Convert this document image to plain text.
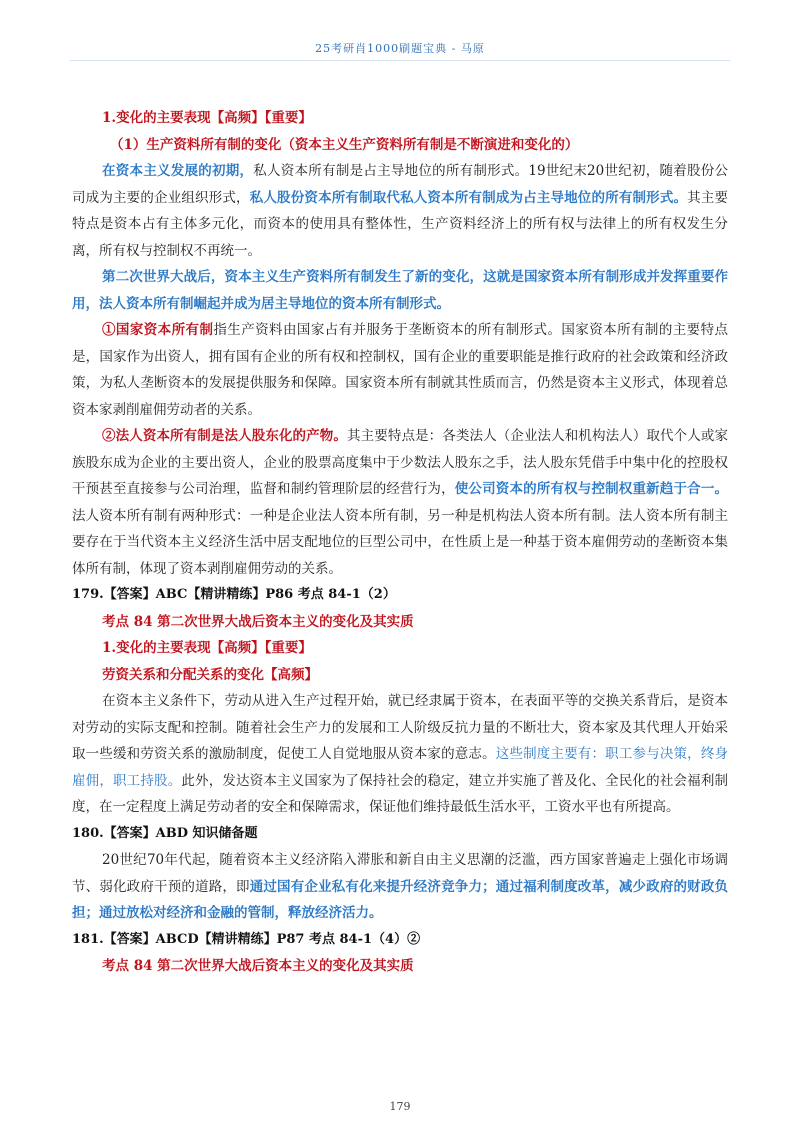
25考研肖1000刷题宝典 - 马原
1.变化的主要表现【高频】【重要】
（1）生产资料所有制的变化（资本主义生产资料所有制是不断演进和变化的）
在资本主义发展的初期，私人资本所有制是占主导地位的所有制形式。19世纪末20世纪初，随着股份公司成为主要的企业组织形式，私人股份资本所有制取代私人资本所有制成为占主导地位的所有制形式。其主要特点是资本占有主体多元化，而资本的使用具有整体性，生产资料经济上的所有权与法律上的所有权发生分离，所有权与控制权不再统一。
第二次世界大战后，资本主义生产资料所有制发生了新的变化，这就是国家资本所有制形成并发挥重要作用，法人资本所有制崛起并成为居主导地位的资本所有制形式。
①国家资本所有制指生产资料由国家占有并服务于垄断资本的所有制形式。国家资本所有制的主要特点是，国家作为出资人，拥有国有企业的所有权和控制权，国有企业的重要职能是推行政府的社会政策和经济政策，为私人垄断资本的发展提供服务和保障。国家资本所有制就其性质而言，仍然是资本主义形式，体现着总资本家剥削雇佣劳动者的关系。
②法人资本所有制是法人股东化的产物。其主要特点是：各类法人（企业法人和机构法人）取代个人或家族股东成为企业的主要出资人，企业的股票高度集中于少数法人股东之手，法人股东凭借手中集中化的控股权干预甚至直接参与公司治理，监督和制约管理阶层的经营行为，使公司资本的所有权与控制权重新趋于合一。法人资本所有制有两种形式：一种是企业法人资本所有制，另一种是机构法人资本所有制。法人资本所有制主要存在于当代资本主义经济生活中居支配地位的巨型公司中，在性质上是一种基于资本雇佣劳动的垄断资本集体所有制，体现了资本剥削雇佣劳动的关系。
179.【答案】ABC【精讲精练】P86 考点 84-1（2）
考点 84 第二次世界大战后资本主义的变化及其实质
1.变化的主要表现【高频】【重要】
劳资关系和分配关系的变化【高频】
在资本主义条件下，劳动从进入生产过程开始，就已经隶属于资本，在表面平等的交换关系背后，是资本对劳动的实际支配和控制。随着社会生产力的发展和工人阶级反抗力量的不断壮大，资本家及其代理人开始采取一些缓和劳资关系的激励制度，促使工人自觉地服从资本家的意志。这些制度主要有：职工参与决策，终身雇佣，职工持股。此外，发达资本主义国家为了保持社会的稳定，建立并实施了普及化、全民化的社会福利制度，在一定程度上满足劳动者的安全和保障需求，保证他们维持最低生活水平，工资水平也有所提高。
180.【答案】ABD 知识储备题
20世纪70年代起，随着资本主义经济陷入滞胀和新自由主义思潮的泛滥，西方国家普遍走上强化市场调节、弱化政府干预的道路，即通过国有企业私有化来提升经济竞争力；通过福利制度改革，减少政府的财政负担；通过放松对经济和金融的管制，释放经济活力。
181.【答案】ABCD【精讲精练】P87 考点 84-1（4）②
考点 84 第二次世界大战后资本主义的变化及其实质
179
